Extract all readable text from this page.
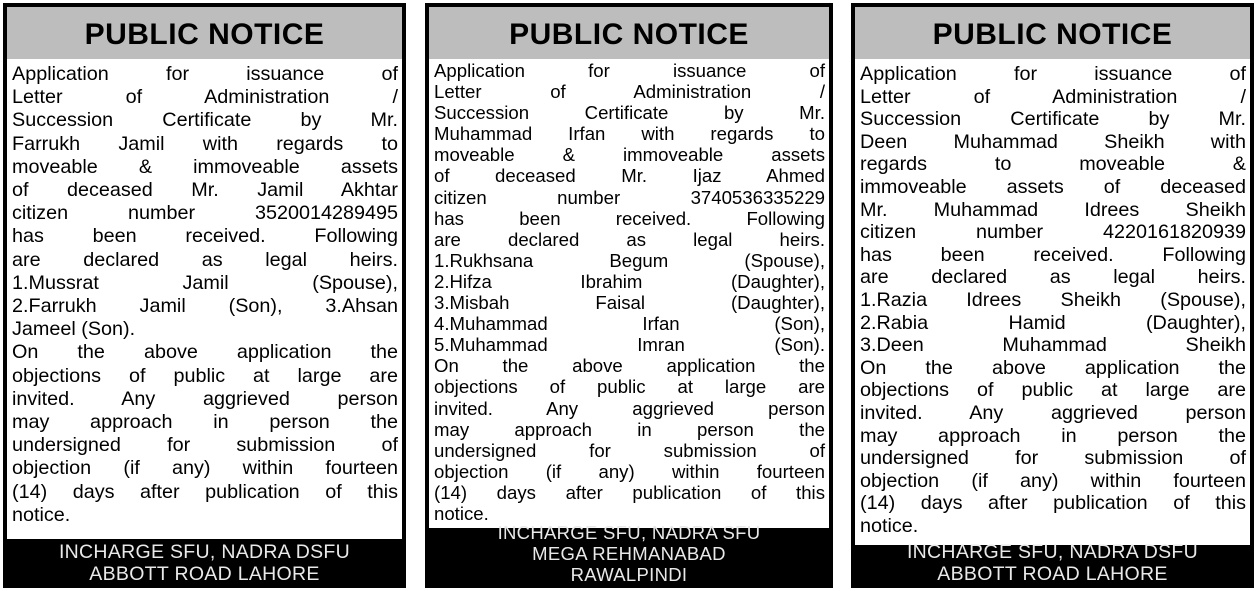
PUBLIC NOTICE
Application for issuance of
Letter of Administration /
Succession Certificate by Mr.
Farrukh Jamil with regards to
moveable & immoveable assets
of deceased Mr. Jamil Akhtar
citizen number 3520014289495
has been received. Following
are declared as legal heirs.
1.Mussrat Jamil (Spouse),
2.Farrukh Jamil (Son), 3.Ahsan
Jameel (Son).
On the above application the
objections of public at large are
invited. Any aggrieved person
may approach in person the
undersigned for submission of
objection (if any) within fourteen
(14) days after publication of this
notice.
INCHARGE SFU, NADRA DSFU
ABBOTT ROAD LAHORE
PUBLIC NOTICE
Application for issuance of
Letter of Administration /
Succession Certificate by Mr.
Muhammad Irfan with regards to
moveable & immoveable assets
of deceased Mr. Ijaz Ahmed
citizen number 3740536335229
has been received. Following
are declared as legal heirs.
1.Rukhsana Begum (Spouse),
2.Hifza Ibrahim (Daughter),
3.Misbah Faisal (Daughter),
4.Muhammad Irfan (Son),
5.Muhammad Imran (Son).
On the above application the
objections of public at large are
invited. Any aggrieved person
may approach in person the
undersigned for submission of
objection (if any) within fourteen
(14) days after publication of this
notice.
INCHARGE SFU, NADRA SFU
MEGA REHMANABAD
RAWALPINDI
PUBLIC NOTICE
Application for issuance of
Letter of Administration /
Succession Certificate by Mr.
Deen Muhammad Sheikh with
regards to moveable &
immoveable assets of deceased
Mr. Muhammad Idrees Sheikh
citizen number 4220161820939
has been received. Following
are declared as legal heirs.
1.Razia Idrees Sheikh (Spouse),
2.Rabia Hamid (Daughter),
3.Deen Muhammad Sheikh
On the above application the
objections of public at large are
invited. Any aggrieved person
may approach in person the
undersigned for submission of
objection (if any) within fourteen
(14) days after publication of this
notice.
INCHARGE SFU, NADRA DSFU
ABBOTT ROAD LAHORE
